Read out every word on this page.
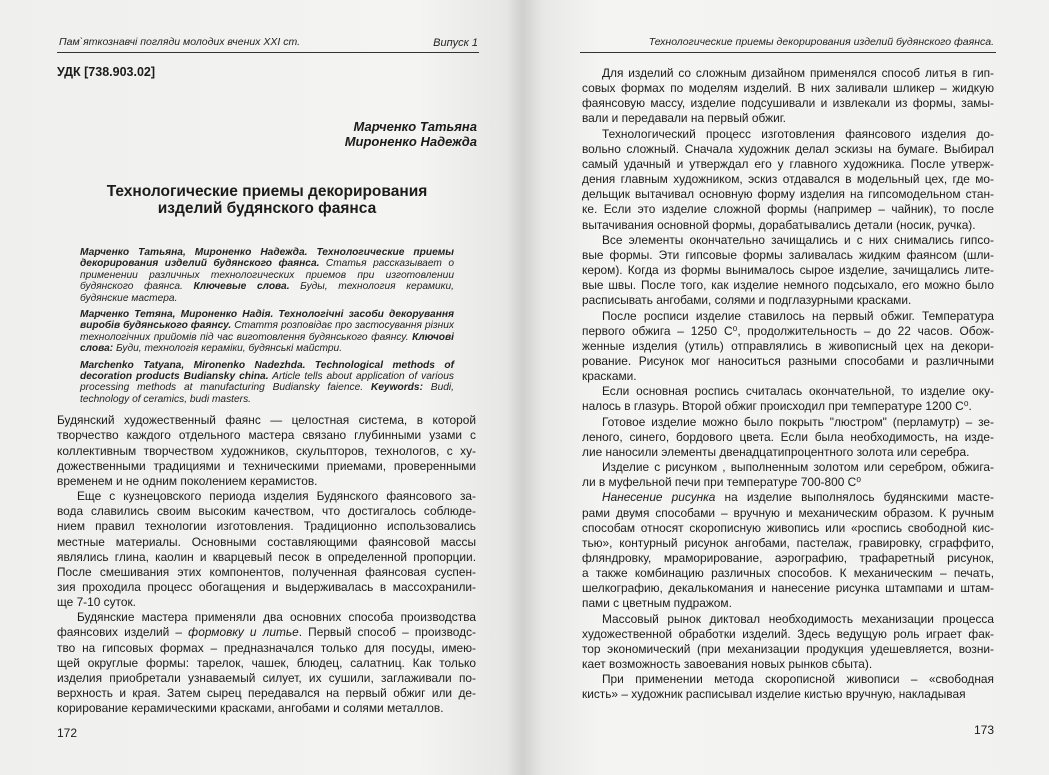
Пам`яткознавчі погляди молодих вчених ХХІ ст.	Випуск 1
УДК [738.903.02]
Марченко Татьяна
Мироненко Надежда
Технологические приемы декорирования
изделий будянского фаянса
Марченко Татьяна, Мироненко Надежда. Технологические приемы декорирования изделий будянского фаянса. Статья рассказывает о применении различных технологических приемов при изготовлении будянского фаянса. Ключевые слова. Буды, технология керамики, будянские мастера.
Марченко Тетяна, Мироненко Надія. Технологічні засоби декорування виробів будянського фаянсу. Стаття розповідає про застосування різних технологічних прийомів під час виготовлення будянського фаянсу. Ключові слова: Буди, технологія кераміки, будянські майстри.
Marchenko Tatyana, Mironenko Nadezhda. Technological methods of decoration products Budiansky china. Article tells about application of various processing methods at manufacturing Budiansky faience. Keywords: Budi, technology of ceramics, budi masters.
Будянский художественный фаянс — целостная система, в которой
творчество каждого отдельного мастера связано глубинными узами с
коллективным творчеством художников, скульпторов, технологов, с ху-
дожественными традициями и техническими приемами, проверенными
временем и не одним поколением керамистов.
Еще с кузнецовского периода изделия Будянского фаянсового за-
вода славились своим высоким качеством, что достигалось соблюде-
нием правил технологии изготовления. Традиционно использовались
местные материалы. Основными составляющими фаянсовой массы
являлись глина, каолин и кварцевый песок в определенной пропорции.
После смешивания этих компонентов, полученная фаянсовая суспен-
зия проходила процесс обогащения и выдерживалась в массохранили-
ще 7-10 суток.
Будянские мастера применяли два основних способа производства
фаянсових изделий – формовку и литье. Первый способ – производс-
тво на гипсовых формах – предназначался только для посуды, имею-
щей округлые формы: тарелок, чашек, блюдец, салатниц. Как только
изделия приобретали узнаваемый силует, их сушили, заглаживали по-
верхность и края. Затем сырец передавался на первый обжиг или де-
корирование керамическими красками, ангобами и солями металлов.
172
Технологические приемы декорирования изделий будянского фаянса.
Для изделий со сложным дизайном применялся способ литья в гип-
совых формах по моделям изделий. В них заливали шликер – жидкую
фаянсовую массу, изделие подсушивали и извлекали из формы, замы-
вали и передавали на первый обжиг.
Технологический процесс изготовления фаянсового изделия до-
вольно сложный. Сначала художник делал эскизы на бумаге. Выбирал
самый удачный и утверждал его у главного художника. После утверж-
дения главным художником, эскиз отдавался в модельный цех, где мо-
дельщик вытачивал основную форму изделия на гипсомодельном стан-
ке. Если это изделие сложной формы (например – чайник), то после
вытачивания основной формы, дорабатывались детали (носик, ручка).
Все элементы окончательно зачищались и с них снимались гипсо-
вые формы. Эти гипсовые формы заливалась жидким фаянсом (шли-
кером). Когда из формы вынималось сырое изделие, зачищались лите-
вые швы. После того, как изделие немного подсыхало, его можно было
расписывать ангобами, солями и подглазурными красками.
После росписи изделие ставилось на первый обжиг. Температура
первого обжига – 1250 С⁰, продолжительность – до 22 часов. Обож-
женные изделия (утиль) отправлялись в живописный цех на декори-
рование. Рисунок мог наноситься разными способами и различными
красками.
Если основная роспись считалась окончательной, то изделие оку-
налось в глазурь. Второй обжиг происходил при температуре 1200 С⁰.
Готовое изделие можно было покрыть "люстром" (перламутр) – зе-
леного, синего, бордового цвета. Если была необходимость, на изде-
лие наносили элементы двенадцатипроцентного золота или серебра.
Изделие с рисунком , выполненным золотом или серебром, обжига-
ли в муфельной печи при температуре 700-800 С⁰
Нанесение рисунка на изделие выполнялось будянскими масте-
рами двумя способами – вручную и механическим образом. К ручным
способам относят скорописную живопись или «роспись свободной кис-
тью», контурный рисунок ангобами, пастелаж, гравировку, сграффито,
фляндровку, мраморирование, аэрографию, трафаретный рисунок,
а также комбинацию различных способов. К механическим – печать,
шелкографию, декалькомания и нанесение рисунка штампами и штам-
пами с цветным пудражом.
Массовый рынок диктовал необходимость механизации процесса
художественной обработки изделий. Здесь ведущую роль играет фак-
тор экономический (при механизации продукция удешевляется, возни-
кает возможность завоевания новых рынков сбыта).
При применении метода скорописной живописи – «свободная
кисть» – художник расписывал изделие кистью вручную, накладывая
173
